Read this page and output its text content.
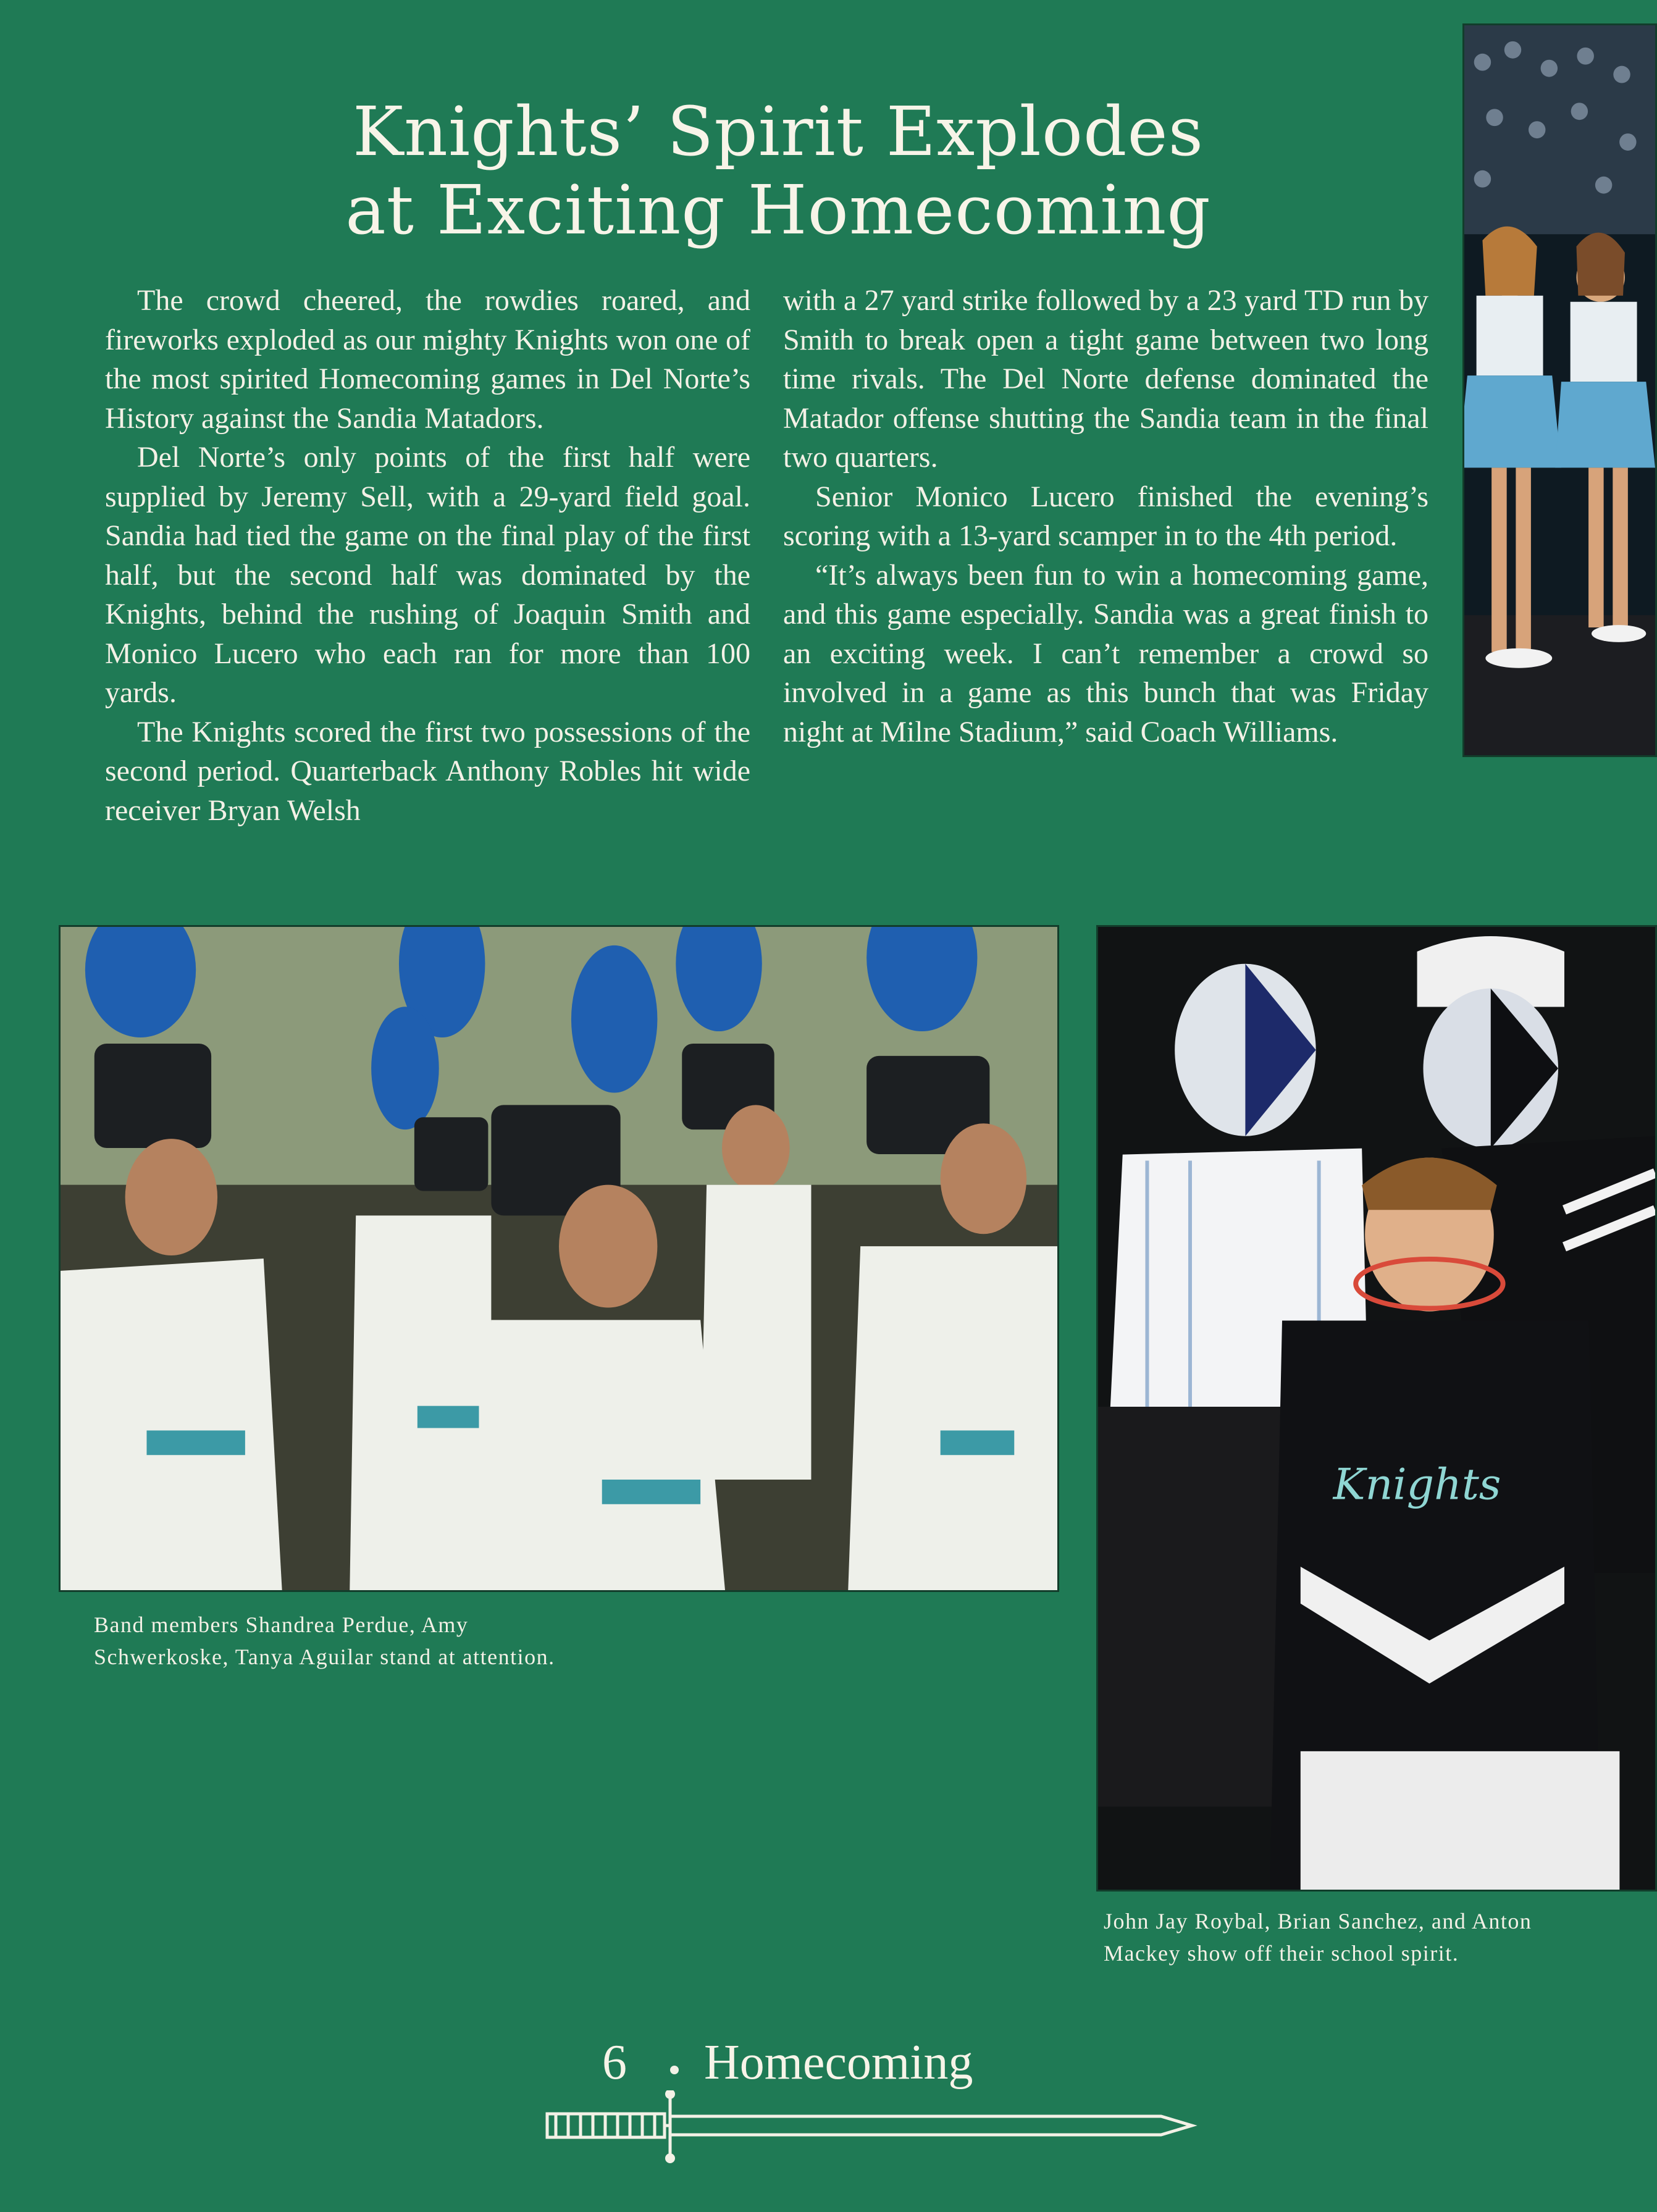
Knights’ Spirit Explodes
at Exciting Homecoming

The crowd cheered, the rowdies roared, and fireworks exploded as our mighty Knights won one of the most spirited Homecoming games in Del Norte’s History against the Sandia Matadors.

Del Norte’s only points of the first half were supplied by Jeremy Sell, with a 29-yard field goal. Sandia had tied the game on the final play of the first half, but the second half was dominated by the Knights, behind the rushing of Joaquin Smith and Monico Lucero who each ran for more than 100 yards.

The Knights scored the first two possessions of the second period. Quarterback Anthony Robles hit wide receiver Bryan Welsh

with a 27 yard strike followed by a 23 yard TD run by Smith to break open a tight game between two long time rivals. The Del Norte defense dominated the Matador offense shutting the Sandia team in the final two quarters.

Senior Monico Lucero finished the evening’s scoring with a 13-yard scamper in to the 4th period.

“It’s always been fun to win a homecoming game, and this game especially. Sandia was a great finish to an exciting week. I can’t remember a crowd so involved in a game as this bunch that was Friday night at Milne Stadium,” said Coach Williams.

Band members Shandrea Perdue, Amy Schwerkoske, Tanya Aguilar stand at attention.
Knights
John Jay Roybal, Brian Sanchez, and Anton Mackey show off their school spirit.
6 Homecoming
